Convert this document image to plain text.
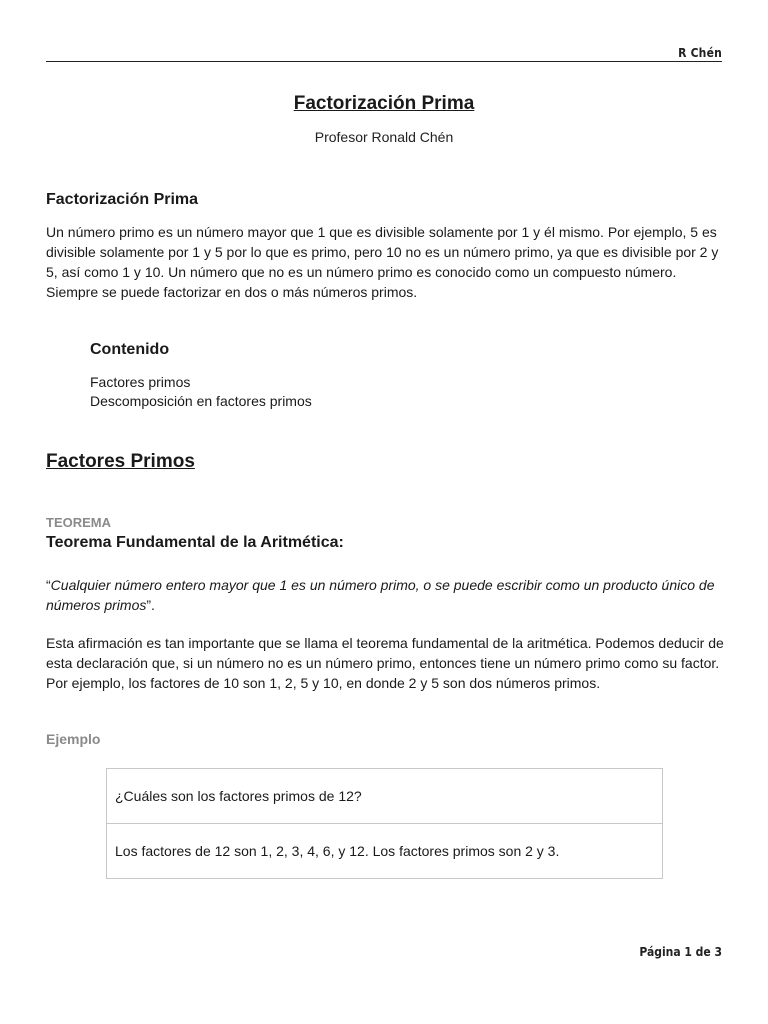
R Chén
Factorización Prima
Profesor Ronald Chén
Factorización Prima
Un número primo es un número mayor que 1 que es divisible solamente por 1 y él mismo. Por ejemplo, 5 es divisible solamente por 1 y 5 por lo que es primo, pero 10 no es un número primo, ya que es divisible por 2 y 5, así como 1 y 10. Un número que no es un número primo es conocido como un compuesto número. Siempre se puede factorizar en dos o más números primos.
Contenido
Factores primos
Descomposición en factores primos
Factores Primos
TEOREMA
Teorema Fundamental de la Aritmética:
“Cualquier número entero mayor que 1 es un número primo, o se puede escribir como un producto único de números primos”.
Esta afirmación es tan importante que se llama el teorema fundamental de la aritmética. Podemos deducir de esta declaración que, si un número no es un número primo, entonces tiene un número primo como su factor. Por ejemplo, los factores de 10 son 1, 2, 5 y 10, en donde 2 y 5 son dos números primos.
Ejemplo
¿Cuáles son los factores primos de 12?
Los factores de 12 son 1, 2, 3, 4, 6, y 12. Los factores primos son 2 y 3.
Página 1 de 3
